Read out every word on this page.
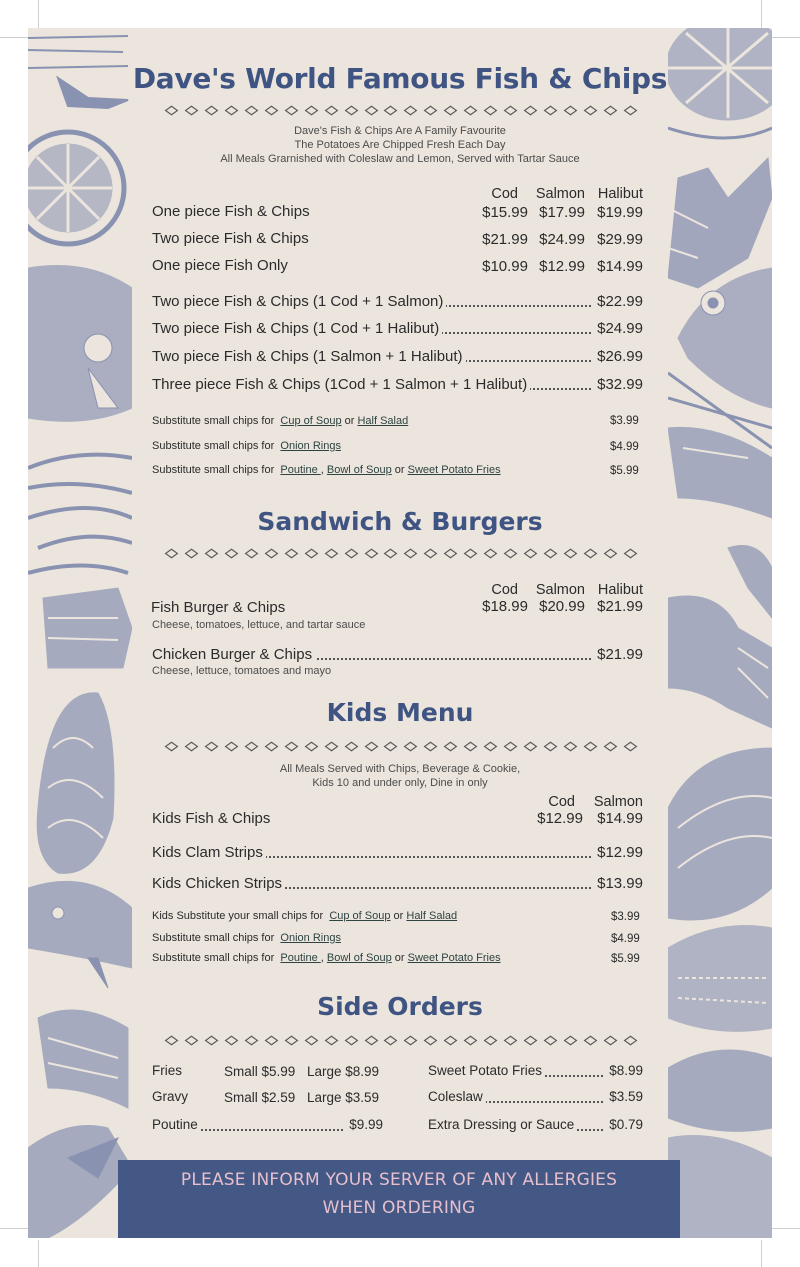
Dave's World Famous Fish & Chips
Dave's Fish & Chips Are A Family Favourite
The Potatoes Are Chipped Fresh Each Day
All Meals Grarnished with Coleslaw and Lemon, Served with Tartar Sauce
Cod	Salmon Halibut
One piece Fish & Chips	$15.99 $17.99 $19.99
Two piece Fish & Chips	$21.99 $24.99 $29.99
One piece Fish Only	$10.99 $12.99 $14.99
Two piece Fish & Chips (1 Cod + 1 Salmon)	$22.99
Two piece Fish & Chips (1 Cod + 1 Halibut)	$24.99
Two piece Fish & Chips (1 Salmon + 1 Halibut)	$26.99
Three piece Fish & Chips (1Cod + 1 Salmon + 1 Halibut)	$32.99
Substitute small chips for Cup of Soup or Half Salad	$3.99
Substitute small chips for Onion Rings	$4.99
Substitute small chips for Poutine , Bowl of Soup or Sweet Potato Fries	$5.99
Sandwich & Burgers
Cod	Salmon Halibut
Fish Burger & Chips	$18.99 $20.99 $21.99
Cheese, tomatoes, lettuce, and tartar sauce
Chicken Burger & Chips	$21.99
Cheese, lettuce, tomatoes and mayo
Kids Menu
All Meals Served with Chips, Beverage & Cookie,
Kids 10 and under only, Dine in only
Cod	Salmon
Kids Fish & Chips	$12.99 $14.99
Kids Clam Strips	$12.99
Kids Chicken Strips	$13.99
Kids Substitute your small chips for Cup of Soup or Half Salad	$3.99
Substitute small chips for Onion Rings	$4.99
Substitute small chips for Poutine , Bowl of Soup or Sweet Potato Fries	$5.99
Side Orders
Fries	Small $5.99 Large $8.99
Gravy	Small $2.59 Large $3.59
Poutine	$9.99
Sweet Potato Fries	$8.99
Coleslaw	$3.59
Extra Dressing or Sauce	$0.79
PLEASE INFORM YOUR SERVER OF ANY ALLERGIES
WHEN ORDERING
